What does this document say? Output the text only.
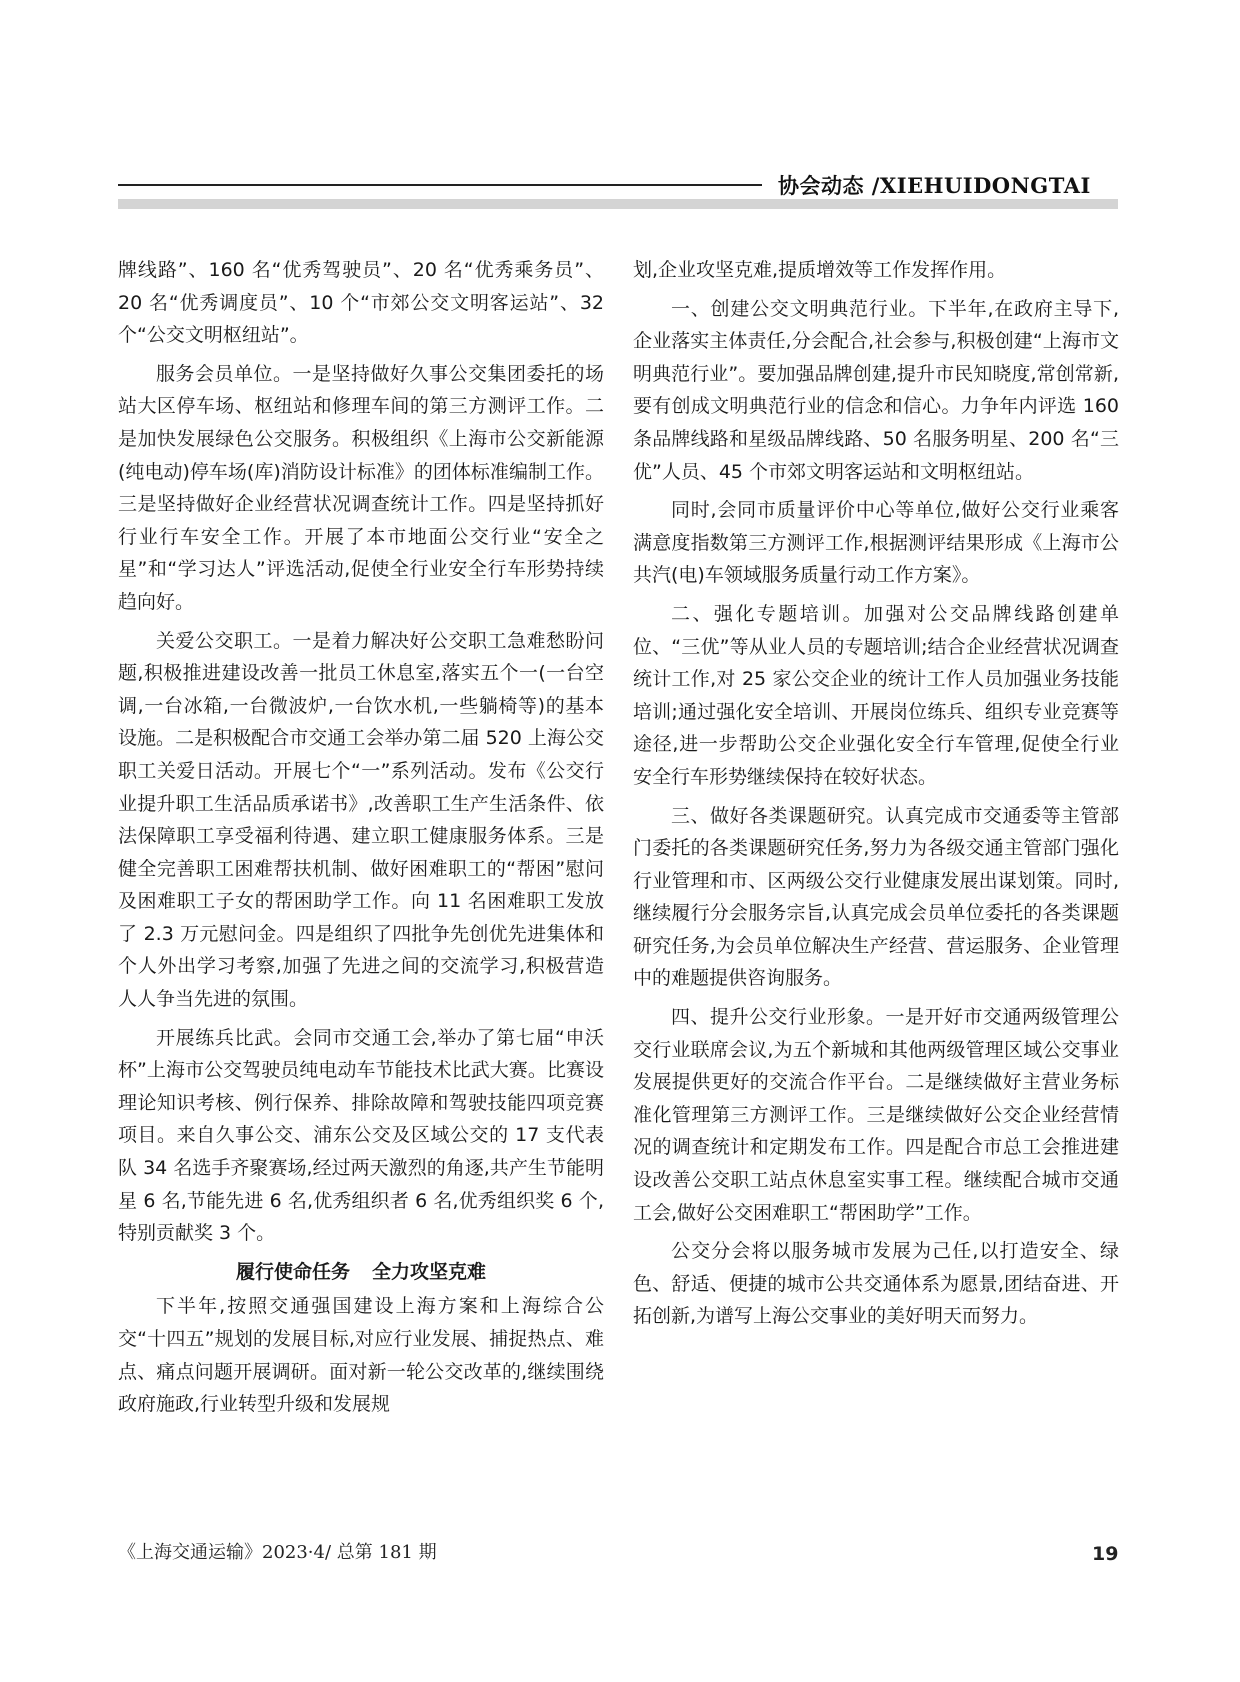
协会动态 /XIEHUIDONGTAI

牌线路”、160 名“优秀驾驶员”、20 名“优秀乘务员”、20 名“优秀调度员”、10 个“市郊公交文明客运站”、32 个“公交文明枢纽站”。

服务会员单位。一是坚持做好久事公交集团委托的场站大区停车场、枢纽站和修理车间的第三方测评工作。二是加快发展绿色公交服务。积极组织《上海市公交新能源(纯电动)停车场(库)消防设计标准》的团体标准编制工作。三是坚持做好企业经营状况调查统计工作。四是坚持抓好行业行车安全工作。开展了本市地面公交行业“安全之星”和“学习达人”评选活动,促使全行业安全行车形势持续趋向好。

关爱公交职工。一是着力解决好公交职工急难愁盼问题,积极推进建设改善一批员工休息室,落实五个一(一台空调,一台冰箱,一台微波炉,一台饮水机,一些躺椅等)的基本设施。二是积极配合市交通工会举办第二届 520 上海公交职工关爱日活动。开展七个“一”系列活动。发布《公交行业提升职工生活品质承诺书》,改善职工生产生活条件、依法保障职工享受福利待遇、建立职工健康服务体系。三是健全完善职工困难帮扶机制、做好困难职工的“帮困”慰问及困难职工子女的帮困助学工作。向 11 名困难职工发放了 2.3 万元慰问金。四是组织了四批争先创优先进集体和个人外出学习考察,加强了先进之间的交流学习,积极营造人人争当先进的氛围。

开展练兵比武。会同市交通工会,举办了第七届“申沃杯”上海市公交驾驶员纯电动车节能技术比武大赛。比赛设理论知识考核、例行保养、排除故障和驾驶技能四项竞赛项目。来自久事公交、浦东公交及区域公交的 17 支代表队 34 名选手齐聚赛场,经过两天激烈的角逐,共产生节能明星 6 名,节能先进 6 名,优秀组织者 6 名,优秀组织奖 6 个,特别贡献奖 3 个。

履行使命任务 全力攻坚克难

下半年,按照交通强国建设上海方案和上海综合公交“十四五”规划的发展目标,对应行业发展、捕捉热点、难点、痛点问题开展调研。面对新一轮公交改革的,继续围绕政府施政,行业转型升级和发展规

划,企业攻坚克难,提质增效等工作发挥作用。

一、创建公交文明典范行业。下半年,在政府主导下,企业落实主体责任,分会配合,社会参与,积极创建“上海市文明典范行业”。要加强品牌创建,提升市民知晓度,常创常新,要有创成文明典范行业的信念和信心。力争年内评选 160 条品牌线路和星级品牌线路、50 名服务明星、200 名“三优”人员、45 个市郊文明客运站和文明枢纽站。

同时,会同市质量评价中心等单位,做好公交行业乘客满意度指数第三方测评工作,根据测评结果形成《上海市公共汽(电)车领域服务质量行动工作方案》。

二、强化专题培训。加强对公交品牌线路创建单位、“三优”等从业人员的专题培训;结合企业经营状况调查统计工作,对 25 家公交企业的统计工作人员加强业务技能培训;通过强化安全培训、开展岗位练兵、组织专业竞赛等途径,进一步帮助公交企业强化安全行车管理,促使全行业安全行车形势继续保持在较好状态。

三、做好各类课题研究。认真完成市交通委等主管部门委托的各类课题研究任务,努力为各级交通主管部门强化行业管理和市、区两级公交行业健康发展出谋划策。同时,继续履行分会服务宗旨,认真完成会员单位委托的各类课题研究任务,为会员单位解决生产经营、营运服务、企业管理中的难题提供咨询服务。

四、提升公交行业形象。一是开好市交通两级管理公交行业联席会议,为五个新城和其他两级管理区域公交事业发展提供更好的交流合作平台。二是继续做好主营业务标准化管理第三方测评工作。三是继续做好公交企业经营情况的调查统计和定期发布工作。四是配合市总工会推进建设改善公交职工站点休息室实事工程。继续配合城市交通工会,做好公交困难职工“帮困助学”工作。

公交分会将以服务城市发展为己任,以打造安全、绿色、舒适、便捷的城市公共交通体系为愿景,团结奋进、开拓创新,为谱写上海公交事业的美好明天而努力。

《上海交通运输》2023·4/ 总第 181 期	19
